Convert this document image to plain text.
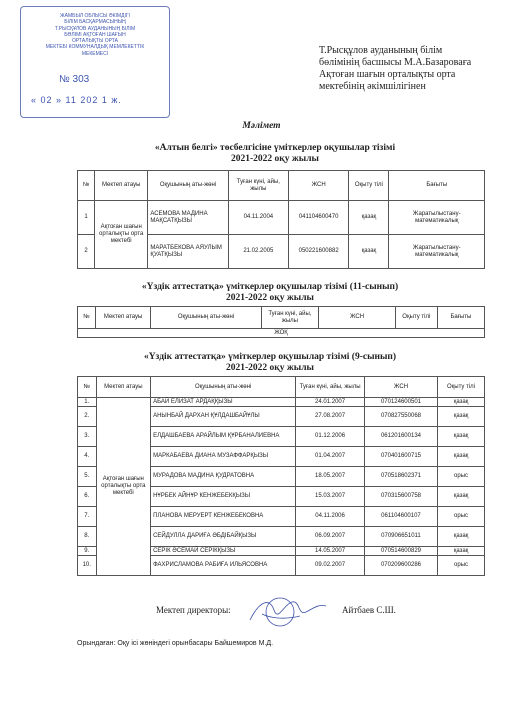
ЖАМБЫЛ ОБЛЫСЫ ӘКІМДІГІ
БІЛІМ БАСҚАРМАСЫНЫҢ
Т.РЫСҚҰЛОВ АУДАНЫНЫҢ БІЛІМ
БӨЛІМІ АҚТОҒАН ШАҒЫН
ОРТАЛЫҚТЫ ОРТА
МЕКТЕБІ КОММУНАЛДЫҚ МЕМЛЕКЕТТІК
МЕКЕМЕСІ
№ 303
« 02 » 11 202 1 ж.
Т.Рысқұлов ауданының білім
бөлімінің басшысы М.А.Базароваға
Ақтоған шағын орталықты орта
мектебінің әкімшілігінен
Мәлімет
«Алтын белгі» төсбелгісіне үміткерлер оқушылар тізімі
2021-2022 оқу жылы
№	Мектеп атауы	Оқушының аты-жөні	Туған күні, айы, жылы	ЖСН	Оқыту тілі	Бағыты
1	Ақтоған шағын орталықты орта мектебі	АСЕМОВА МАДИНА МАҚСАТҚЫЗЫ	04.11.2004	041104600470	қазақ	Жаратылыстану-математикалық
2		МАРАТБЕКОВА АЯУЛЫМ ҚУАТҚЫЗЫ	21.02.2005	050221600882	қазақ	Жаратылыстану-математикалық
«Үздік аттестатқа» үміткерлер оқушылар тізімі (11-сынып)
2021-2022 оқу жылы
№	Мектеп атауы	Оқушының аты-жөні	Туған күні, айы, жылы	ЖСН	Оқыту тілі	Бағыты
ЖОҚ
«Үздік аттестатқа» үміткерлер оқушылар тізімі (9-сынып)
2021-2022 оқу жылы
№	Мектеп атауы	Оқушының аты-жөні	Туған күні, айы, жылы	ЖСН	Оқыту тілі
1.	Ақтоған шағын орталықты орта мектебі	АБАЙ ЕЛИЗАТ АРДАҚҚЫЗЫ	24.01.2007	070124600501	қазақ
2.		АНЫНБАЙ ДАРХАН ҚҰЛДАШБАЙҰЛЫ	27.08.2007	070827550068	қазақ
3.		ЕЛДАШБАЕВА АРАЙЛЫМ ҚҰРБАНАЛИЕВНА	01.12.2006	061201600134	қазақ
4.		МАРКАБАЕВА ДИАНА МУЗАФФАРҚЫЗЫ	01.04.2007	070401600715	қазақ
5.		МУРАДОВА МАДИНА ҚУДРАТОВНА	18.05.2007	070518602371	орыс
6.		НҰРБЕК АЙНҰР КЕНЖЕБЕКҚЫЗЫ	15.03.2007	070315600758	қазақ
7.		ПЛАНОВА МЕРУЕРТ КЕНЖЕБЕКОВНА	04.11.2006	061104600107	орыс
8.		СЕЙДУЛЛА ДАРИҒА ӘБДІБАЙҚЫЗЫ	06.09.2007	070906651011	қазақ
9.		СЕРІК ӘСЕМАЙ СЕРІКҚЫЗЫ	14.05.2007	070514600829	қазақ
10.		ФАХРИСЛАМОВА РАБИҒА ИЛЬЯСОВНА	09.02.2007	070209600286	орыс
Мектеп директоры:	Айтбаев С.Ш.
Орындаған: Оқу ісі жөніндегі орынбасары Байшемиров М.Д.
